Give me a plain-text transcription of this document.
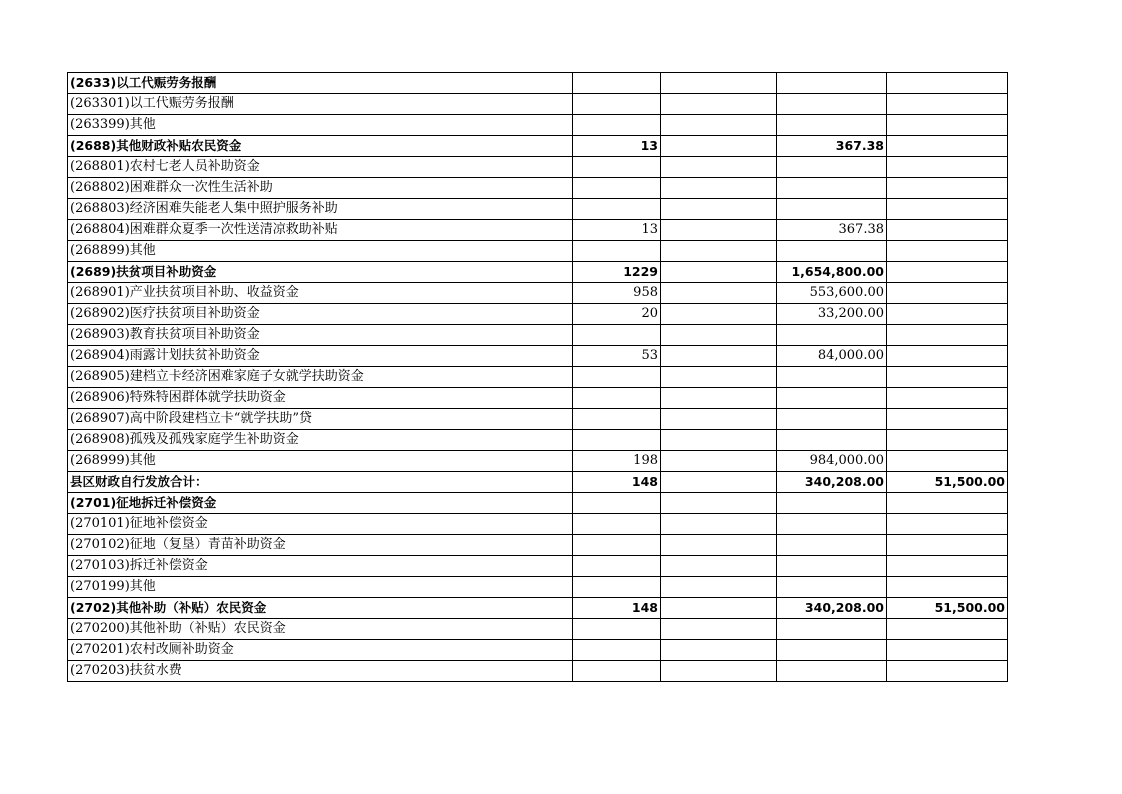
(2633)以工代赈劳务报酬				
(263301)以工代赈劳务报酬				
(263399)其他				
(2688)其他财政补贴农民资金	13		367.38	
(268801)农村七老人员补助资金				
(268802)困难群众一次性生活补助				
(268803)经济困难失能老人集中照护服务补助				
(268804)困难群众夏季一次性送清凉救助补贴	13		367.38	
(268899)其他				
(2689)扶贫项目补助资金	1229		1,654,800.00	
(268901)产业扶贫项目补助、收益资金	958		553,600.00	
(268902)医疗扶贫项目补助资金	20		33,200.00	
(268903)教育扶贫项目补助资金				
(268904)雨露计划扶贫补助资金	53		84,000.00	
(268905)建档立卡经济困难家庭子女就学扶助资金				
(268906)特殊特困群体就学扶助资金				
(268907)高中阶段建档立卡“就学扶助”贷				
(268908)孤残及孤残家庭学生补助资金				
(268999)其他	198		984,000.00	
县区财政自行发放合计：	148		340,208.00	51,500.00
(2701)征地拆迁补偿资金				
(270101)征地补偿资金				
(270102)征地（复垦）青苗补助资金				
(270103)拆迁补偿资金				
(270199)其他				
(2702)其他补助（补贴）农民资金	148		340,208.00	51,500.00
(270200)其他补助（补贴）农民资金				
(270201)农村改厕补助资金				
(270203)扶贫水费				
